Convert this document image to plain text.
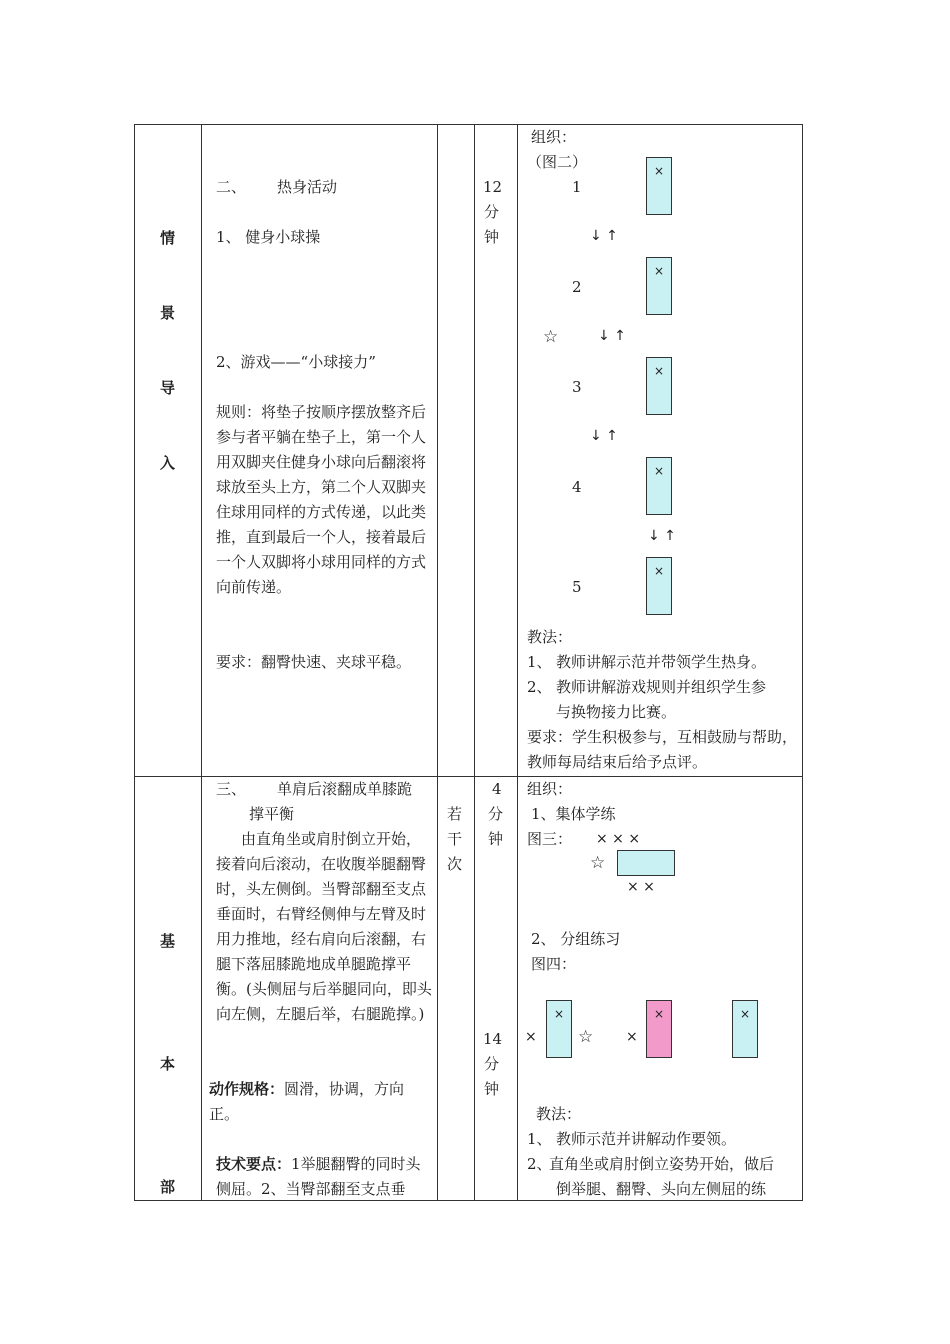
情
景
导
入
二、 热身活动
1、 健身小球操
2、游戏——“小球接力”
规则：将垫子按顺序摆放整齐后参与者平躺在垫子上，第一个人用双脚夹住健身小球向后翻滚将球放至头上方，第二个人双脚夹住球用同样的方式传递，以此类推，直到最后一个人，接着最后一个人双脚将小球用同样的方式向前传递。
要求：翻臀快速、夹球平稳。
12
分
钟
组织：
（图二）
1
×
↓ ↑
2
×
☆	↓ ↑
3
×
↓ ↑
4
×
↓ ↑
5
×
教法：
1、 教师讲解示范并带领学生热身。
2、 教师讲解游戏规则并组织学生参
与换物接力比赛。
要求：学生积极参与，互相鼓励与帮助，教师每局结束后给予点评。
基
本
部
三、 单肩后滚翻成单膝跪
撑平衡
由直角坐或肩肘倒立开始，接着向后滚动，在收腹举腿翻臀时，头左侧倒。当臀部翻至支点垂面时，右臂经侧伸与左臂及时用力推地，经右肩向后滚翻，右腿下落屈膝跪地成单腿跪撑平衡。(头侧屈与后举腿同向，即头向左侧，左腿后举，右腿跪撑。)
动作规格：圆滑，协调，方向正。
技术要点：1举腿翻臀的同时头侧屈。2、当臀部翻至支点垂
若
干
次
4
分
钟
14
分
钟
组织：
1、集体学练
图三： × × ×
☆
× ×
2、 分组练习
图四：
×
×
☆ ×
×	×
教法：
1、 教师示范并讲解动作要领。
2、
直角坐或肩肘倒立姿势开始，做后
倒举腿、翻臀、头向左侧屈的练
